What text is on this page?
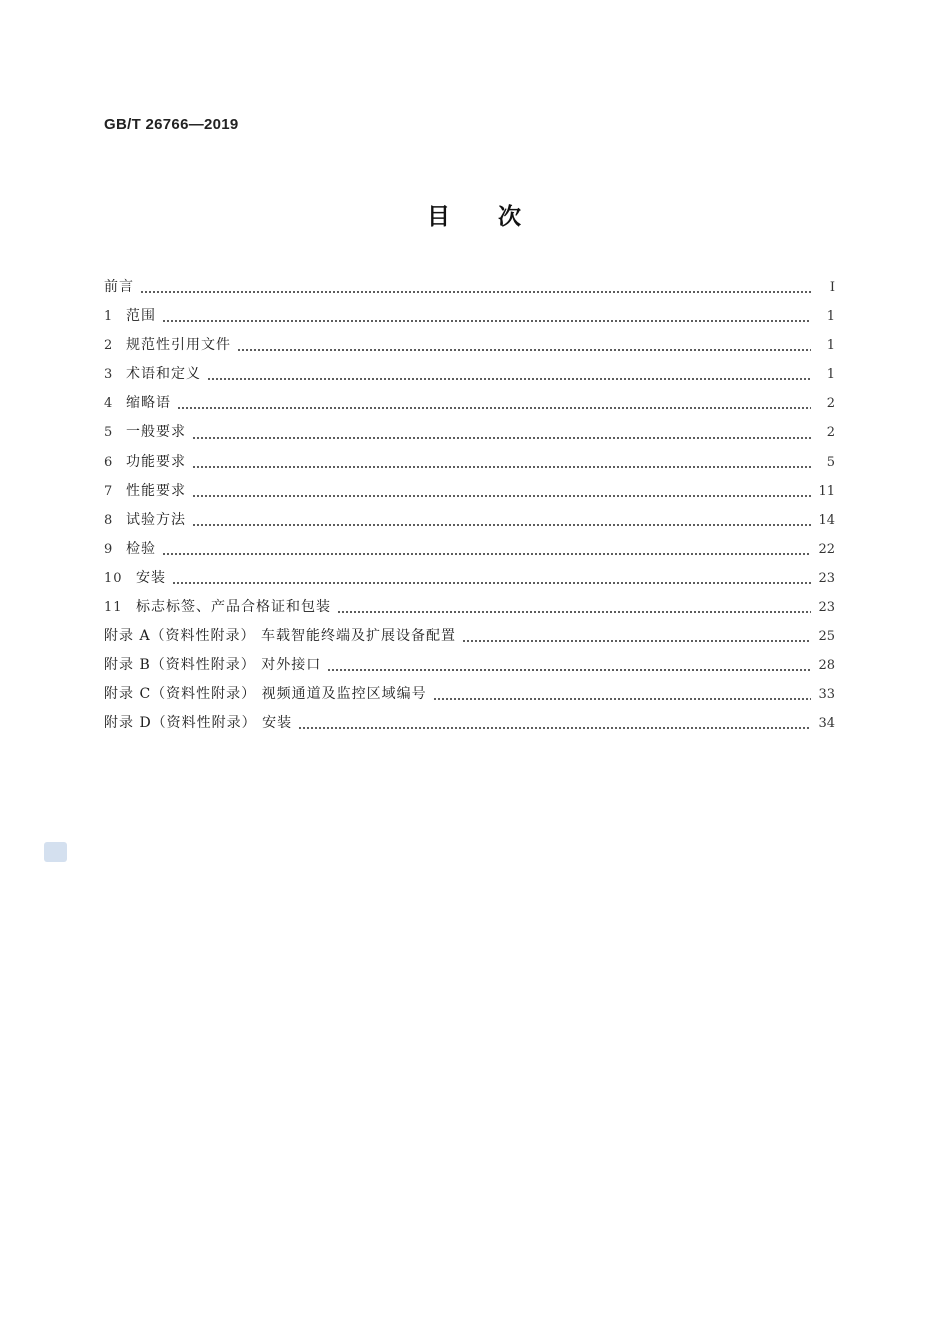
GB/T 26766—2019
目 次
前言	Ⅰ
1 范围	1
2 规范性引用文件	1
3 术语和定义	1
4 缩略语	2
5 一般要求	2
6 功能要求	5
7 性能要求	11
8 试验方法	14
9 检验	22
10 安装	23
11 标志标签、产品合格证和包装	23
附录 A（资料性附录） 车载智能终端及扩展设备配置	25
附录 B（资料性附录） 对外接口	28
附录 C（资料性附录） 视频通道及监控区域编号	33
附录 D（资料性附录） 安装	34
